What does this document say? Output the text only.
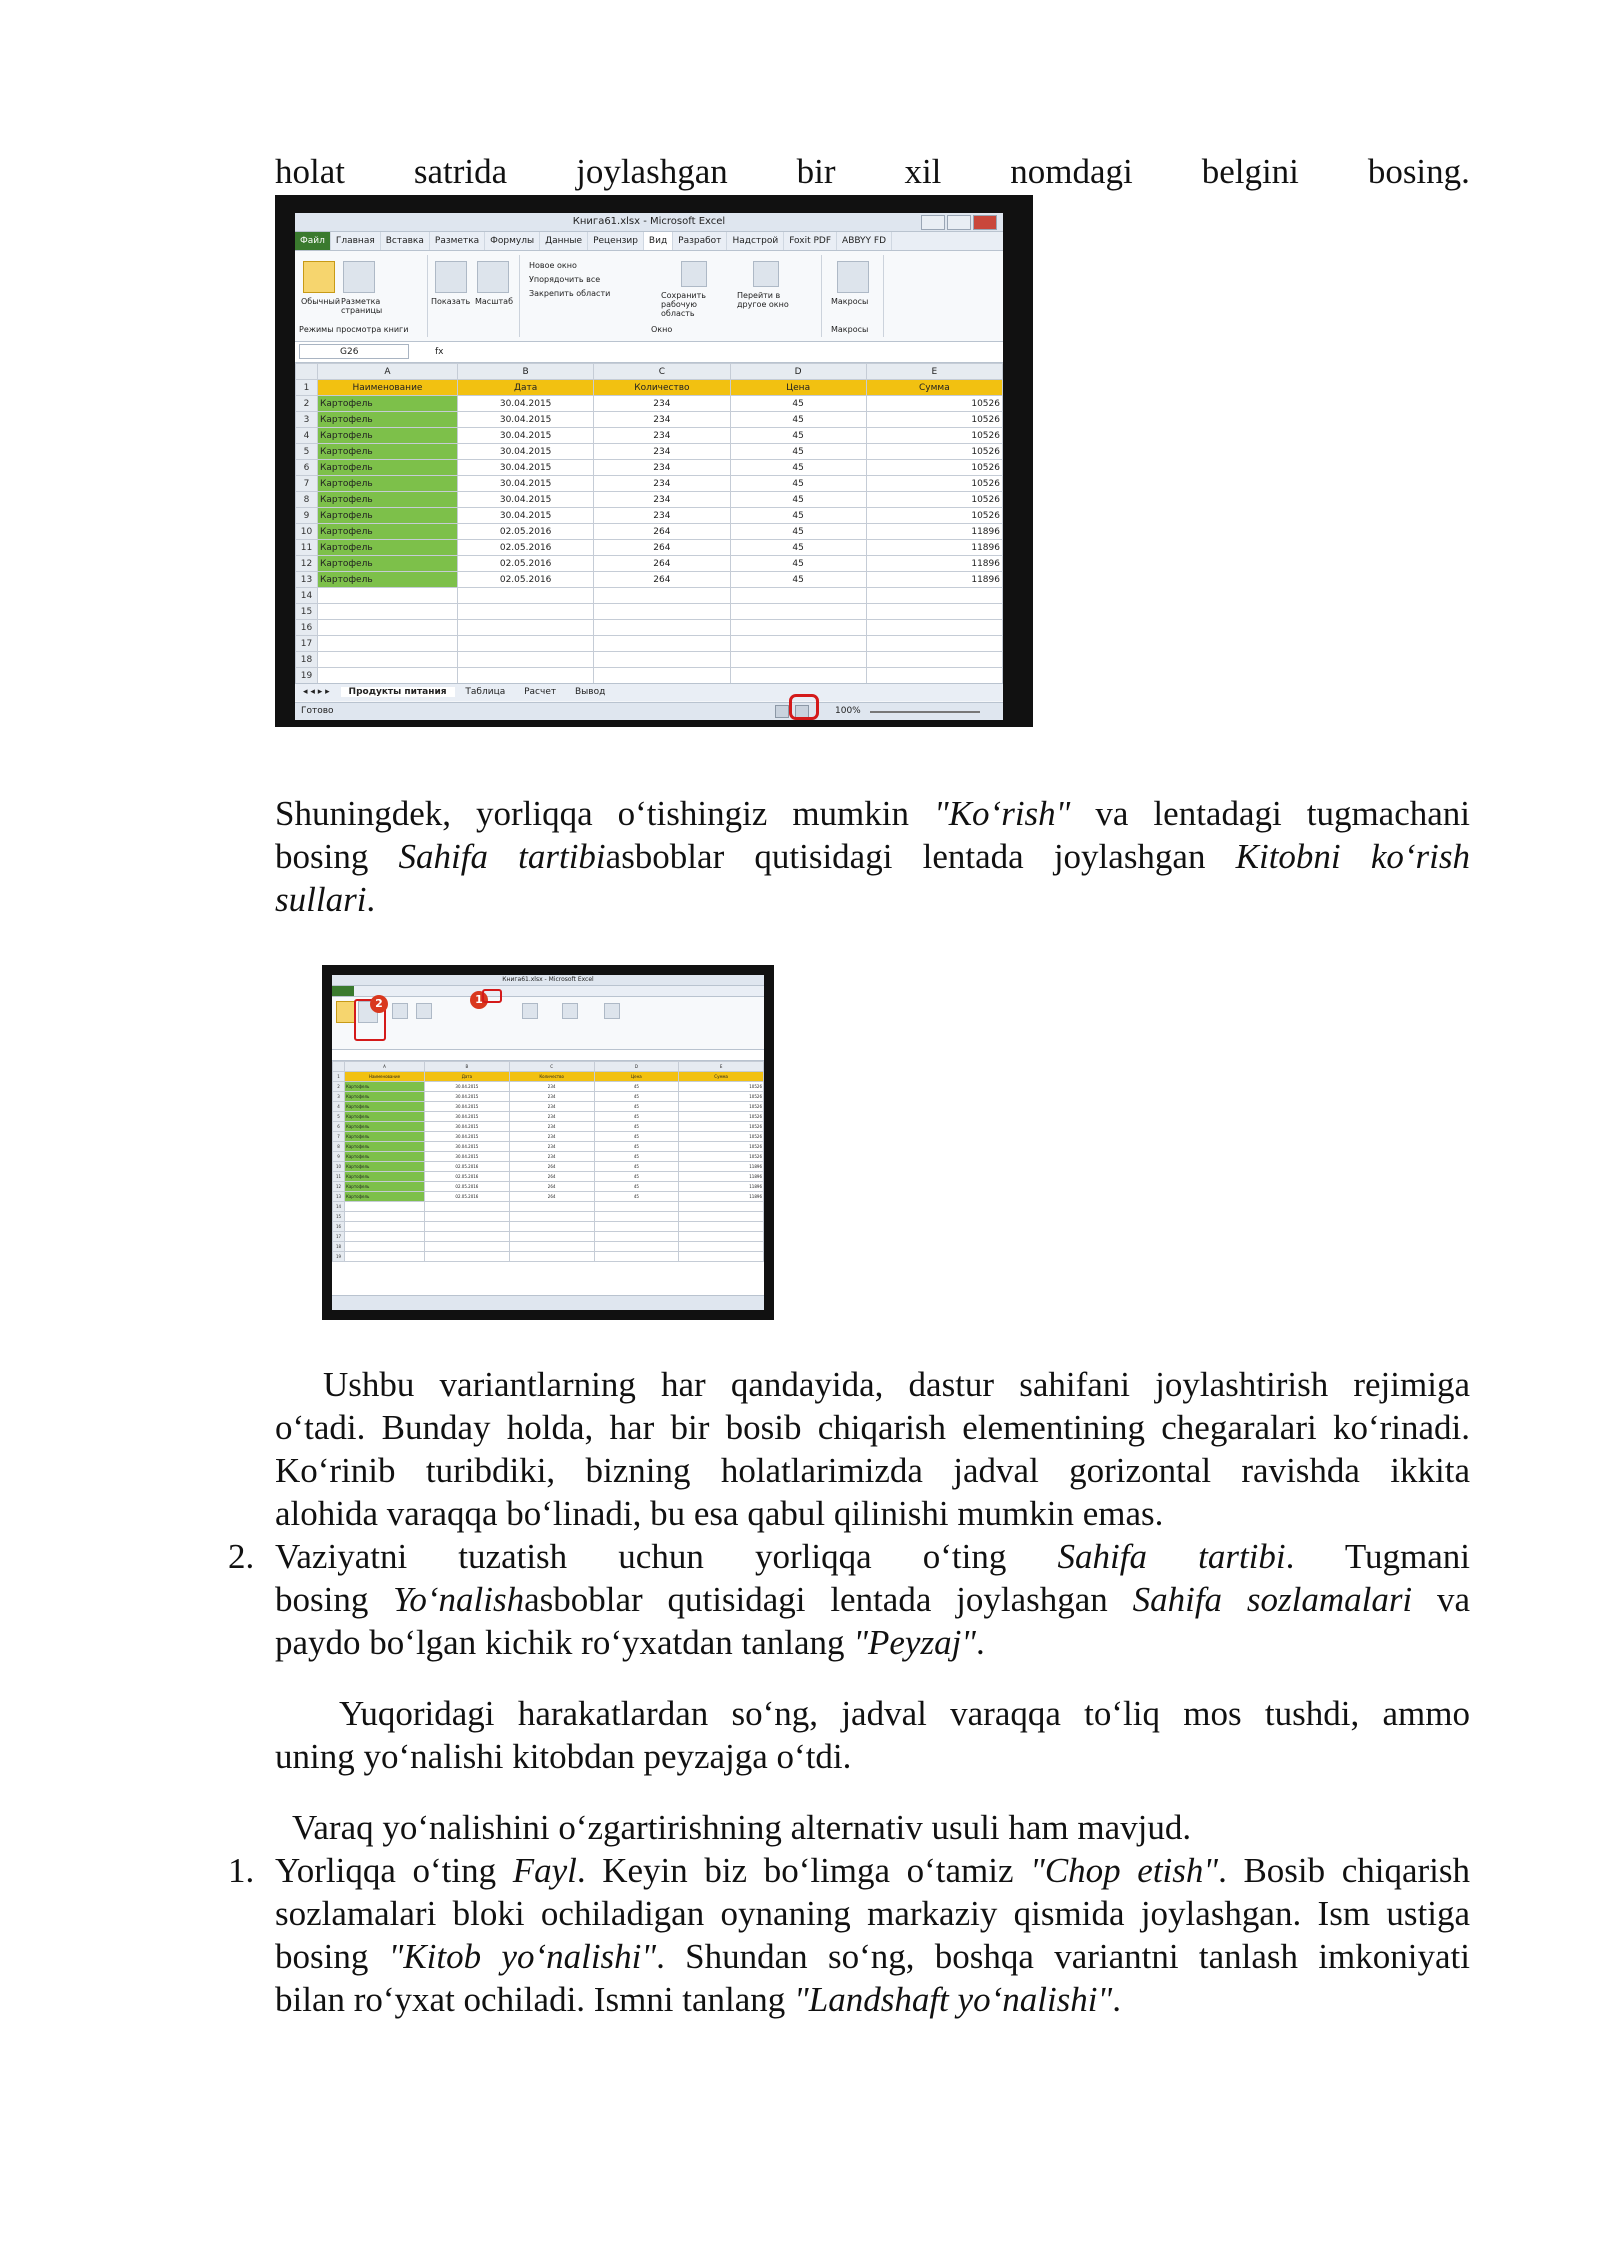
holat satrida joylashgan bir xil nomdagi belgini bosing.
Книга61.xlsx - Microsoft Excel
Файл	Главная	Вставка	Разметка	Формулы	Данные	Рецензир	Вид	Разработ	Надстрой	Foxit PDF	ABBYY FD
Обычный Разметка страницы
Режимы просмотра книги
Показать Масштаб
Новое окно
Упорядочить все
Закрепить области	Сохранить рабочую область
Перейти в другое окно
Окно
Макросы
Макросы
G26	fx
	A	B	C	D	E
1	Наименование	Дата	Количество	Цена	Сумма
2	Картофель	30.04.2015	234	45	10526
3	Картофель	30.04.2015	234	45	10526
4	Картофель	30.04.2015	234	45	10526
5	Картофель	30.04.2015	234	45	10526
6	Картофель	30.04.2015	234	45	10526
7	Картофель	30.04.2015	234	45	10526
8	Картофель	30.04.2015	234	45	10526
9	Картофель	30.04.2015	234	45	10526
10	Картофель	02.05.2016	264	45	11896
11	Картофель	02.05.2016	264	45	11896
12	Картофель	02.05.2016	264	45	11896
13	Картофель	02.05.2016	264	45	11896
14					
15					
16					
17					
18					
19					
◂ ◂ ▸ ▸ Продукты питания Таблица Расчет Вывод
Готово	100%
Shuningdek, yorliqqa o‘tishingiz mumkin "Ko‘rish" va lentadagi tugmachani
bosing Sahifa tartibiasboblar qutisidagi lentada joylashgan Kitobni ko‘rish
sullari.
Книга61.xlsx - Microsoft Excel
2	1
	A	B	C	D	E
1	Наименование	Дата	Количество	Цена	Сумма
2	Картофель	30.04.2015	234	45	10526
3	Картофель	30.04.2015	234	45	10526
4	Картофель	30.04.2015	234	45	10526
5	Картофель	30.04.2015	234	45	10526
6	Картофель	30.04.2015	234	45	10526
7	Картофель	30.04.2015	234	45	10526
8	Картофель	30.04.2015	234	45	10526
9	Картофель	30.04.2015	234	45	10526
10	Картофель	02.05.2016	264	45	11896
11	Картофель	02.05.2016	264	45	11896
12	Картофель	02.05.2016	264	45	11896
13	Картофель	02.05.2016	264	45	11896
14					
15					
16					
17					
18					
19					
Ushbu variantlarning har qandayida, dastur sahifani joylashtirish rejimiga
o‘tadi. Bunday holda, har bir bosib chiqarish elementining chegaralari ko‘rinadi.
Ko‘rinib turibdiki, bizning holatlarimizda jadval gorizontal ravishda ikkita
alohida varaqqa bo‘linadi, bu esa qabul qilinishi mumkin emas.
2. Vaziyatni tuzatish uchun yorliqqa o‘ting Sahifa tartibi. Tugmani
bosing Yo‘nalishasboblar qutisidagi lentada joylashgan Sahifa sozlamalari va
paydo bo‘lgan kichik ro‘yxatdan tanlang "Peyzaj".
Yuqoridagi harakatlardan so‘ng, jadval varaqqa to‘liq mos tushdi, ammo
uning yo‘nalishi kitobdan peyzajga o‘tdi.
Varaq yo‘nalishini o‘zgartirishning alternativ usuli ham mavjud.
1. Yorliqqa o‘ting Fayl. Keyin biz bo‘limga o‘tamiz "Chop etish". Bosib chiqarish
sozlamalari bloki ochiladigan oynaning markaziy qismida joylashgan. Ism ustiga
bosing "Kitob yo‘nalishi". Shundan so‘ng, boshqa variantni tanlash imkoniyati
bilan ro‘yxat ochiladi. Ismni tanlang "Landshaft yo‘nalishi".
